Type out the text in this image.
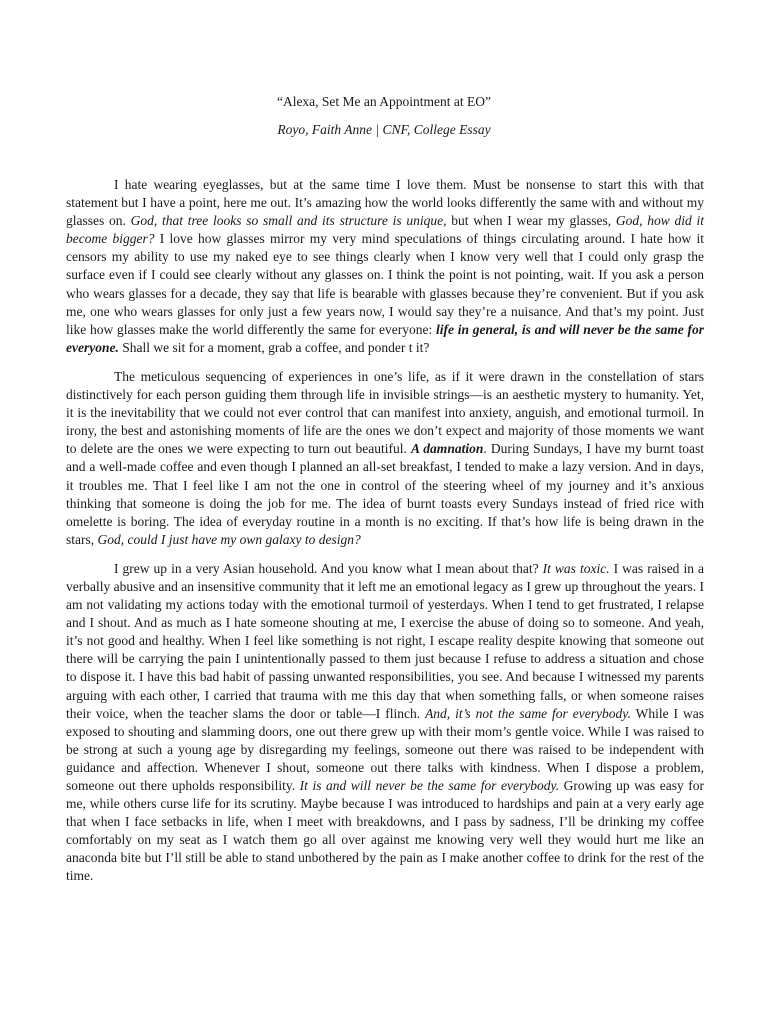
“Alexa, Set Me an Appointment at EO”
Royo, Faith Anne | CNF, College Essay

I hate wearing eyeglasses, but at the same time I love them. Must be nonsense to start this with that statement but I have a point, here me out. It’s amazing how the world looks differently the same with and without my glasses on. God, that tree looks so small and its structure is unique, but when I wear my glasses, God, how did it become bigger? I love how glasses mirror my very mind speculations of things circulating around. I hate how it censors my ability to use my naked eye to see things clearly when I know very well that I could only grasp the surface even if I could see clearly without any glasses on. I think the point is not pointing, wait. If you ask a person who wears glasses for a decade, they say that life is bearable with glasses because they’re convenient. But if you ask me, one who wears glasses for only just a few years now, I would say they’re a nuisance. And that’s my point. Just like how glasses make the world differently the same for everyone: life in general, is and will never be the same for everyone. Shall we sit for a moment, grab a coffee, and ponder t it?

The meticulous sequencing of experiences in one’s life, as if it were drawn in the constellation of stars distinctively for each person guiding them through life in invisible strings—is an aesthetic mystery to humanity. Yet, it is the inevitability that we could not ever control that can manifest into anxiety, anguish, and emotional turmoil. In irony, the best and astonishing moments of life are the ones we don’t expect and majority of those moments we want to delete are the ones we were expecting to turn out beautiful. A damnation. During Sundays, I have my burnt toast and a well-made coffee and even though I planned an all-set breakfast, I tended to make a lazy version. And in days, it troubles me. That I feel like I am not the one in control of the steering wheel of my journey and it’s anxious thinking that someone is doing the job for me. The idea of burnt toasts every Sundays instead of fried rice with omelette is boring. The idea of everyday routine in a month is no exciting. If that’s how life is being drawn in the stars, God, could I just have my own galaxy to design?

I grew up in a very Asian household. And you know what I mean about that? It was toxic. I was raised in a verbally abusive and an insensitive community that it left me an emotional legacy as I grew up throughout the years. I am not validating my actions today with the emotional turmoil of yesterdays. When I tend to get frustrated, I relapse and I shout. And as much as I hate someone shouting at me, I exercise the abuse of doing so to someone. And yeah, it’s not good and healthy. When I feel like something is not right, I escape reality despite knowing that someone out there will be carrying the pain I unintentionally passed to them just because I refuse to address a situation and chose to dispose it. I have this bad habit of passing unwanted responsibilities, you see. And because I witnessed my parents arguing with each other, I carried that trauma with me this day that when something falls, or when someone raises their voice, when the teacher slams the door or table—I flinch. And, it’s not the same for everybody. While I was exposed to shouting and slamming doors, one out there grew up with their mom’s gentle voice. While I was raised to be strong at such a young age by disregarding my feelings, someone out there was raised to be independent with guidance and affection. Whenever I shout, someone out there talks with kindness. When I dispose a problem, someone out there upholds responsibility. It is and will never be the same for everybody. Growing up was easy for me, while others curse life for its scrutiny. Maybe because I was introduced to hardships and pain at a very early age that when I face setbacks in life, when I meet with breakdowns, and I pass by sadness, I’ll be drinking my coffee comfortably on my seat as I watch them go all over against me knowing very well they would hurt me like an anaconda bite but I’ll still be able to stand unbothered by the pain as I make another coffee to drink for the rest of the time.
